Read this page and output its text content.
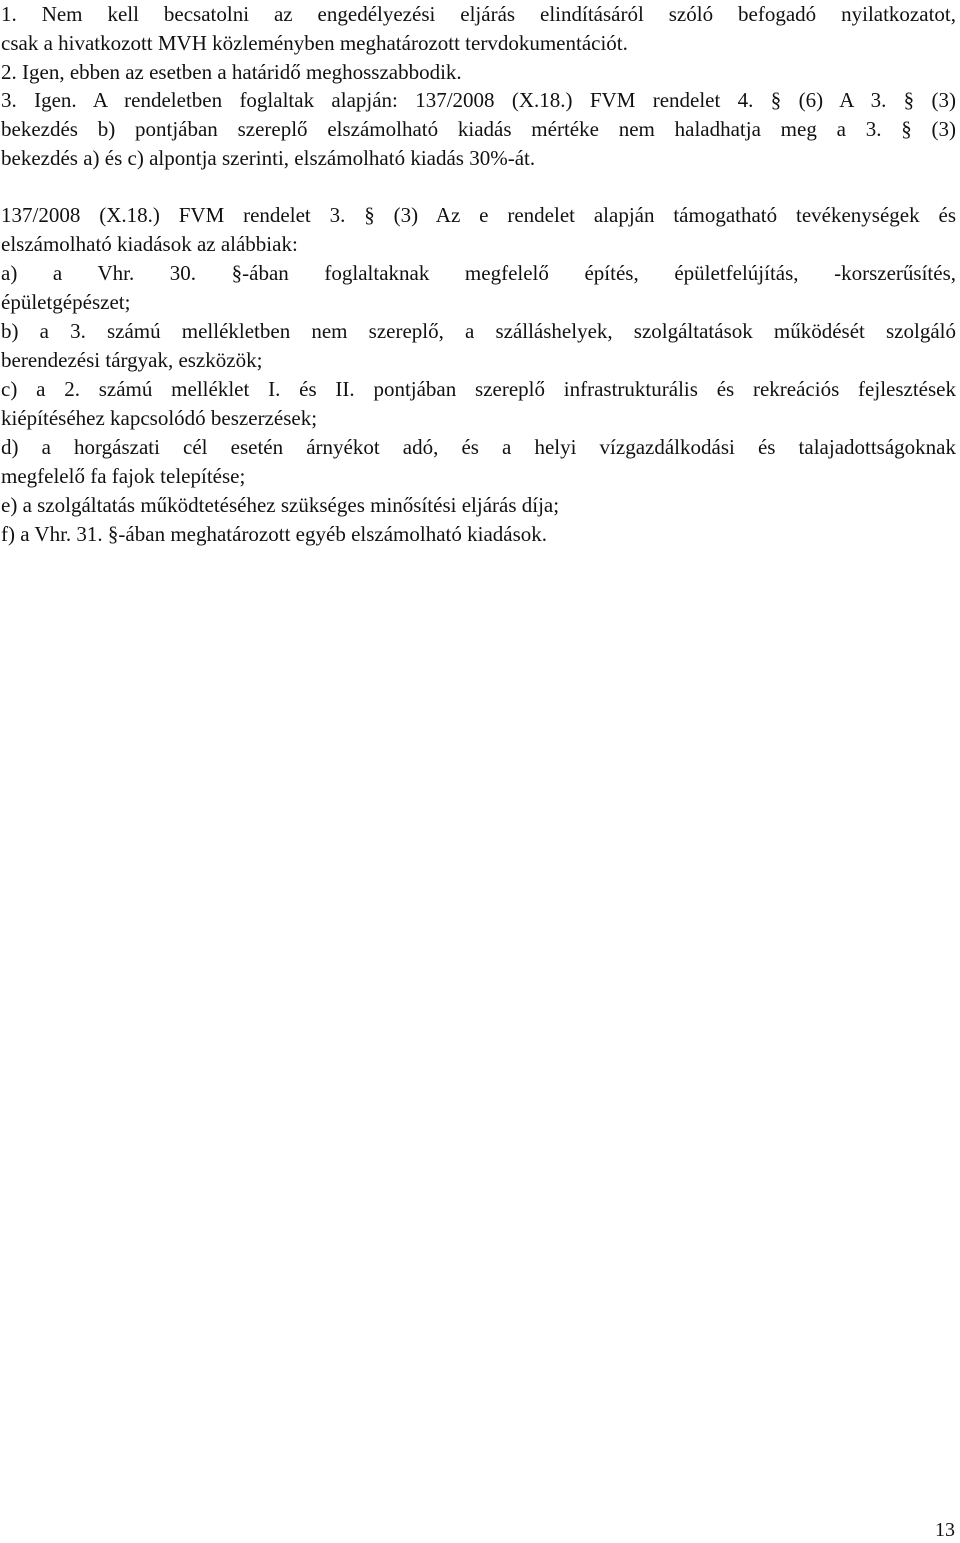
1. Nem kell becsatolni az engedélyezési eljárás elindításáról szóló befogadó nyilatkozatot,
csak a hivatkozott MVH közleményben meghatározott tervdokumentációt.
2. Igen, ebben az esetben a határidő meghosszabbodik.
3. Igen. A rendeletben foglaltak alapján: 137/2008 (X.18.) FVM rendelet 4. § (6) A 3. § (3)
bekezdés b) pontjában szereplő elszámolható kiadás mértéke nem haladhatja meg a 3. § (3)
bekezdés a) és c) alpontja szerinti, elszámolható kiadás 30%-át.
137/2008 (X.18.) FVM rendelet 3. § (3) Az e rendelet alapján támogatható tevékenységek és
elszámolható kiadások az alábbiak:
a) a Vhr. 30. §-ában foglaltaknak megfelelő építés, épületfelújítás, -korszerűsítés,
épületgépészet;
b) a 3. számú mellékletben nem szereplő, a szálláshelyek, szolgáltatások működését szolgáló
berendezési tárgyak, eszközök;
c) a 2. számú melléklet I. és II. pontjában szereplő infrastrukturális és rekreációs fejlesztések
kiépítéséhez kapcsolódó beszerzések;
d) a horgászati cél esetén árnyékot adó, és a helyi vízgazdálkodási és talajadottságoknak
megfelelő fa fajok telepítése;
e) a szolgáltatás működtetéséhez szükséges minősítési eljárás díja;
f) a Vhr. 31. §-ában meghatározott egyéb elszámolható kiadások.
13
